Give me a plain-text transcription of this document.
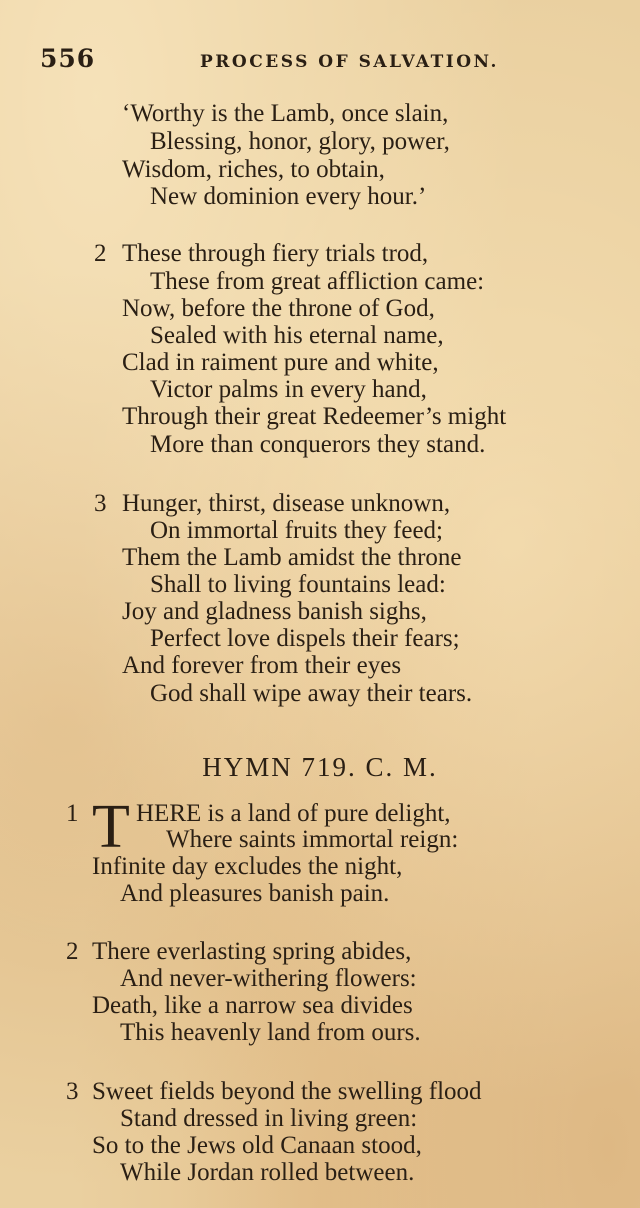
556	PROCESS OF SALVATION.
‘Worthy is the Lamb, once slain,
Blessing, honor, glory, power,
Wisdom, riches, to obtain,
New dominion every hour.’
2 These through fiery trials trod,
These from great affliction came:
Now, before the throne of God,
Sealed with his eternal name,
Clad in raiment pure and white,
Victor palms in every hand,
Through their great Redeemer’s might
More than conquerors they stand.
3 Hunger, thirst, disease unknown,
On immortal fruits they feed;
Them the Lamb amidst the throne
Shall to living fountains lead:
Joy and gladness banish sighs,
Perfect love dispels their fears;
And forever from their eyes
God shall wipe away their tears.
HYMN 719. C. M.
1 T HERE is a land of pure delight,
Where saints immortal reign:
Infinite day excludes the night,
And pleasures banish pain.
2 There everlasting spring abides,
And never-withering flowers:
Death, like a narrow sea divides
This heavenly land from ours.
3 Sweet fields beyond the swelling flood
Stand dressed in living green:
So to the Jews old Canaan stood,
While Jordan rolled between.
